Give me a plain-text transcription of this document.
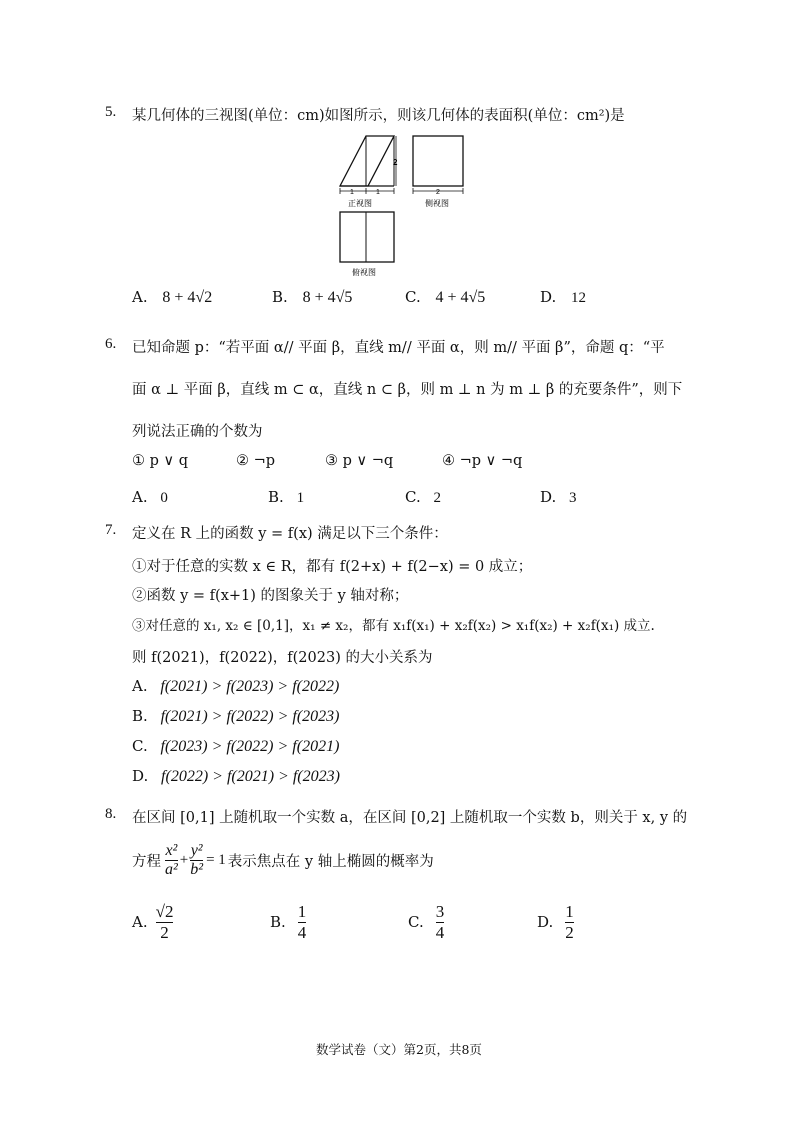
5. 某几何体的三视图(单位：cm)如图所示，则该几何体的表面积(单位：cm²)是
2
1	1
正视图
2
侧视图
俯视图
A. 8 + 4√2	B. 8 + 4√5	C. 4 + 4√5	D. 12
6. 已知命题 p：“若平面 α// 平面 β，直线 m// 平面 α，则 m// 平面 β”，命题 q：“平
面 α ⊥ 平面 β，直线 m ⊂ α，直线 n ⊂ β，则 m ⊥ n 为 m ⊥ β 的充要条件”，则下
列说法正确的个数为
① p ∨ q	② ¬p	③ p ∨ ¬q	④ ¬p ∨ ¬q
A. 0	B. 1	C. 2	D. 3
7. 定义在 R 上的函数 y = f(x) 满足以下三个条件：
①对于任意的实数 x ∈ R，都有 f(2+x) + f(2−x) = 0 成立；
②函数 y = f(x+1) 的图象关于 y 轴对称；
③对任意的 x₁, x₂ ∈ [0,1]，x₁ ≠ x₂，都有 x₁f(x₁) + x₂f(x₂) > x₁f(x₂) + x₂f(x₁) 成立.
则 f(2021)，f(2022)，f(2023) 的大小关系为
A. f(2021) > f(2023) > f(2022)
B. f(2021) > f(2022) > f(2023)
C. f(2023) > f(2022) > f(2021)
D. f(2022) > f(2021) > f(2023)
8. 在区间 [0,1] 上随机取一个实数 a，在区间 [0,2] 上随机取一个实数 b，则关于 x, y 的
方程 $\frac{\text{x²}}{\text{a²}} + \frac{\text{y²}}{\text{b²}} = 1$ 表示焦点在 y 轴上椭圆的概率为
A. $\frac{√2}{2}$	B. $\frac{1}{4}$	C. $\frac{3}{4}$	D. $\frac{1}{2}$
数学试卷（文）第2页，共8页
